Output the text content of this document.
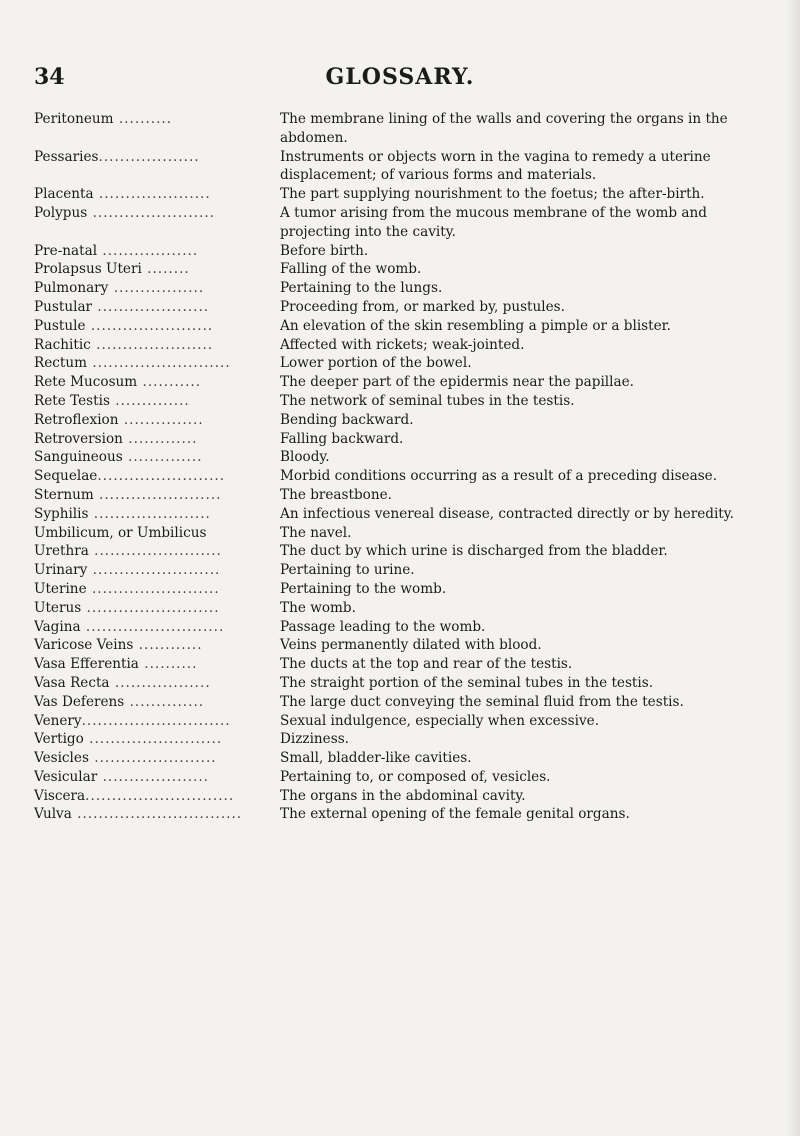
34	GLOSSARY.
Peritoneum ..........	The membrane lining of the walls and covering the organs in the abdomen.
Pessaries...................	Instruments or objects worn in the vagina to remedy a uterine displacement; of various forms and materials.
Placenta .....................	The part supplying nourishment to the foetus; the after-birth.
Polypus .......................	A tumor arising from the mucous membrane of the womb and projecting into the cavity.
Pre-natal ..................	Before birth.
Prolapsus Uteri ........	Falling of the womb.
Pulmonary .................	Pertaining to the lungs.
Pustular .....................	Proceeding from, or marked by, pustules.
Pustule .......................	An elevation of the skin resembling a pimple or a blister.
Rachitic ......................	Affected with rickets; weak-jointed.
Rectum ..........................	Lower portion of the bowel.
Rete Mucosum ...........	The deeper part of the epidermis near the papillae.
Rete Testis ..............	The network of seminal tubes in the testis.
Retroflexion ...............	Bending backward.
Retroversion .............	Falling backward.
Sanguineous ..............	Bloody.
Sequelae........................	Morbid conditions occurring as a result of a preceding disease.
Sternum .......................	The breastbone.
Syphilis ......................	An infectious venereal disease, contracted directly or by heredity.
Umbilicum, or Umbilicus	The navel.
Urethra ........................	The duct by which urine is discharged from the bladder.
Urinary ........................	Pertaining to urine.
Uterine ........................	Pertaining to the womb.
Uterus .........................	The womb.
Vagina ..........................	Passage leading to the womb.
Varicose Veins ............	Veins permanently dilated with blood.
Vasa Efferentia ..........	The ducts at the top and rear of the testis.
Vasa Recta ..................	The straight portion of the seminal tubes in the testis.
Vas Deferens ..............	The large duct conveying the seminal fluid from the testis.
Venery............................	Sexual indulgence, especially when excessive.
Vertigo .........................	Dizziness.
Vesicles .......................	Small, bladder-like cavities.
Vesicular ....................	Pertaining to, or composed of, vesicles.
Viscera............................	The organs in the abdominal cavity.
Vulva ...............................	The external opening of the female genital organs.
